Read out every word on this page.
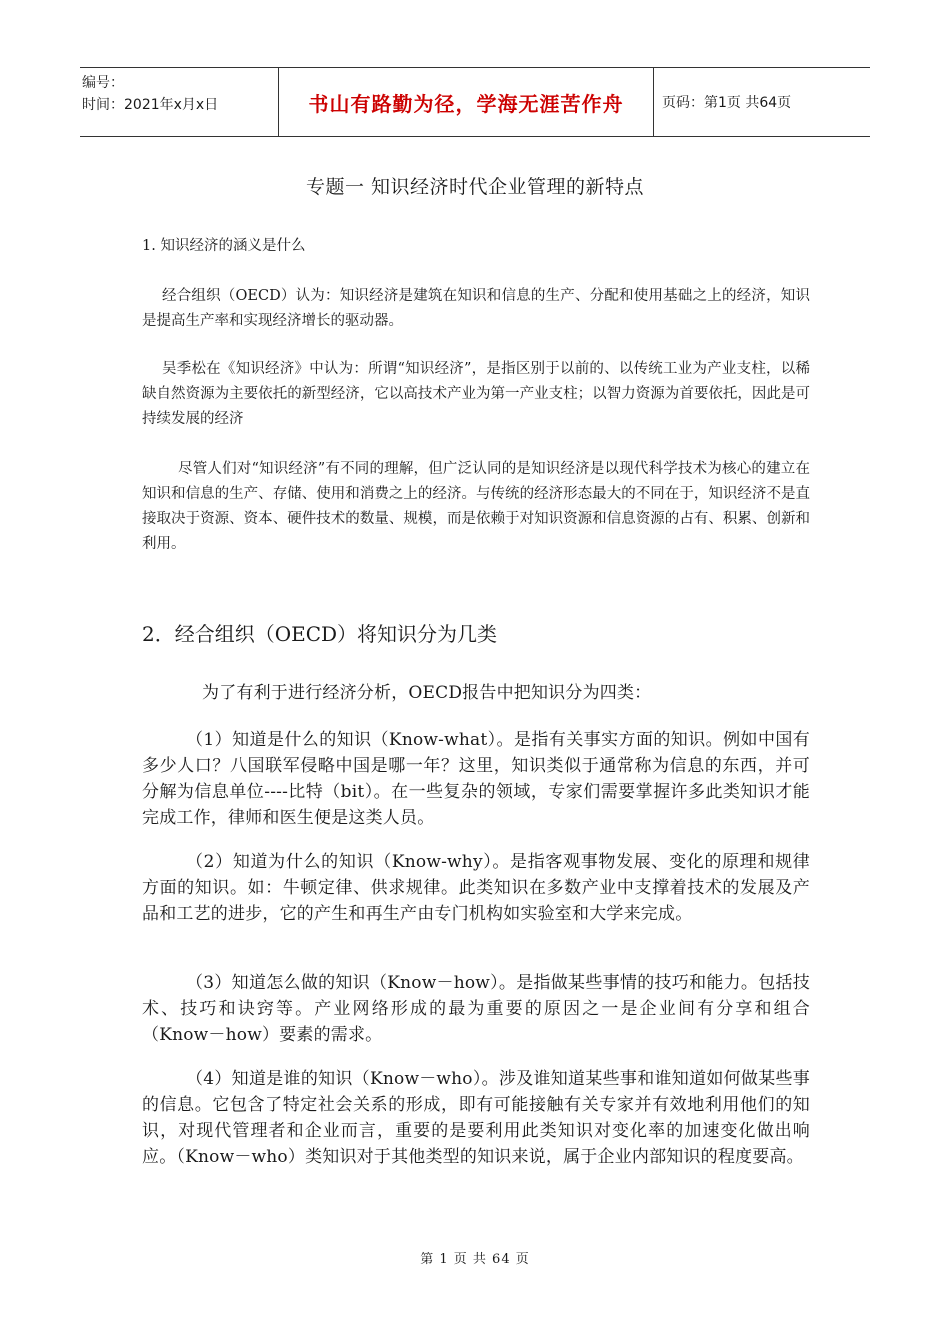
编号：
时间：2021年x月x日	书山有路勤为径，学海无涯苦作舟	页码：第1页 共64页
专题一 知识经济时代企业管理的新特点
1. 知识经济的涵义是什么

经合组织（OECD）认为：知识经济是建筑在知识和信息的生产、分配和使用基础之上的经济，知识是提高生产率和实现经济增长的驱动器。

吴季松在《知识经济》中认为：所谓“知识经济”，是指区别于以前的、以传统工业为产业支柱，以稀缺自然资源为主要依托的新型经济，它以高技术产业为第一产业支柱；以智力资源为首要依托，因此是可持续发展的经济

尽管人们对“知识经济”有不同的理解，但广泛认同的是知识经济是以现代科学技术为核心的建立在知识和信息的生产、存储、使用和消费之上的经济。与传统的经济形态最大的不同在于，知识经济不是直接取决于资源、资本、硬件技术的数量、规模，而是依赖于对知识资源和信息资源的占有、积累、创新和利用。

2．经合组织（OECD）将知识分为几类

为了有利于进行经济分析，OECD报告中把知识分为四类：

（1）知道是什么的知识（Know-what）。是指有关事实方面的知识。例如中国有多少人口？八国联军侵略中国是哪一年？这里，知识类似于通常称为信息的东西，并可分解为信息单位----比特（bit）。在一些复杂的领域，专家们需要掌握许多此类知识才能完成工作，律师和医生便是这类人员。

（2）知道为什么的知识（Know-why）。是指客观事物发展、变化的原理和规律方面的知识。如：牛顿定律、供求规律。此类知识在多数产业中支撑着技术的发展及产品和工艺的进步，它的产生和再生产由专门机构如实验室和大学来完成。

（3）知道怎么做的知识（Know－how）。是指做某些事情的技巧和能力。包括技术、技巧和诀窍等。产业网络形成的最为重要的原因之一是企业间有分享和组合（Know－how）要素的需求。

（4）知道是谁的知识（Know－who）。涉及谁知道某些事和谁知道如何做某些事的信息。它包含了特定社会关系的形成，即有可能接触有关专家并有效地利用他们的知识，对现代管理者和企业而言，重要的是要利用此类知识对变化率的加速变化做出响应。（Know－who）类知识对于其他类型的知识来说，属于企业内部知识的程度要高。

第 1 页 共 64 页
